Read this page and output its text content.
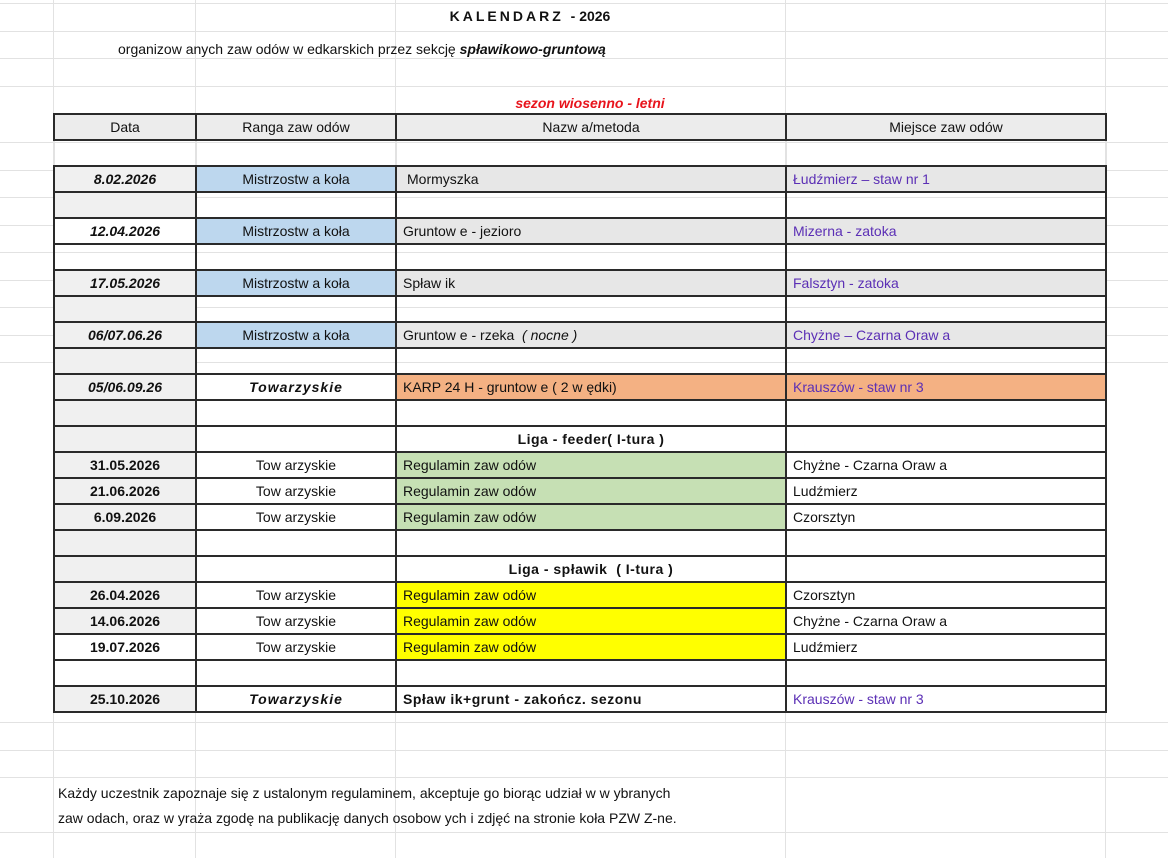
KALENDARZ - 2026
organizow anych zaw odów w edkarskich przez sekcję spławikowo-gruntową
sezon wiosenno - letni
Data	Ranga zaw odów	Nazw a/metoda	Miejsce zaw odów

8.02.2026	Mistrzostw a koła	Mormyszka	Łudźmierz – staw nr 1

12.04.2026	Mistrzostw a koła	Gruntow e - jezioro	Mizerna - zatoka

17.05.2026	Mistrzostw a koła	Spław ik	Falsztyn - zatoka

06/07.06.26	Mistrzostw a koła	Gruntow e - rzeka  ( nocne )	Chyżne – Czarna Oraw a

05/06.09.26	Towarzyskie	KARP 24 H - gruntow e ( 2 w ędki)	Krauszów - staw nr 3

		Liga - feeder( I-tura )	
31.05.2026	Tow arzyskie	Regulamin zaw odów	Chyżne - Czarna Oraw a
21.06.2026	Tow arzyskie	Regulamin zaw odów	Ludźmierz
6.09.2026	Tow arzyskie	Regulamin zaw odów	Czorsztyn

		Liga - spławik  ( I-tura )	
26.04.2026	Tow arzyskie	Regulamin zaw odów	Czorsztyn
14.06.2026	Tow arzyskie	Regulamin zaw odów	Chyżne - Czarna Oraw a
19.07.2026	Tow arzyskie	Regulamin zaw odów	Ludźmierz

25.10.2026	Towarzyskie	Spław ik+grunt - zakończ. sezonu	Krauszów - staw nr 3
Każdy uczestnik zapoznaje się z ustalonym regulaminem, akceptuje go biorąc udział w w ybranych
zaw odach, oraz w yraża zgodę na publikację danych osobow ych i zdjęć na stronie koła PZW Z-ne.
